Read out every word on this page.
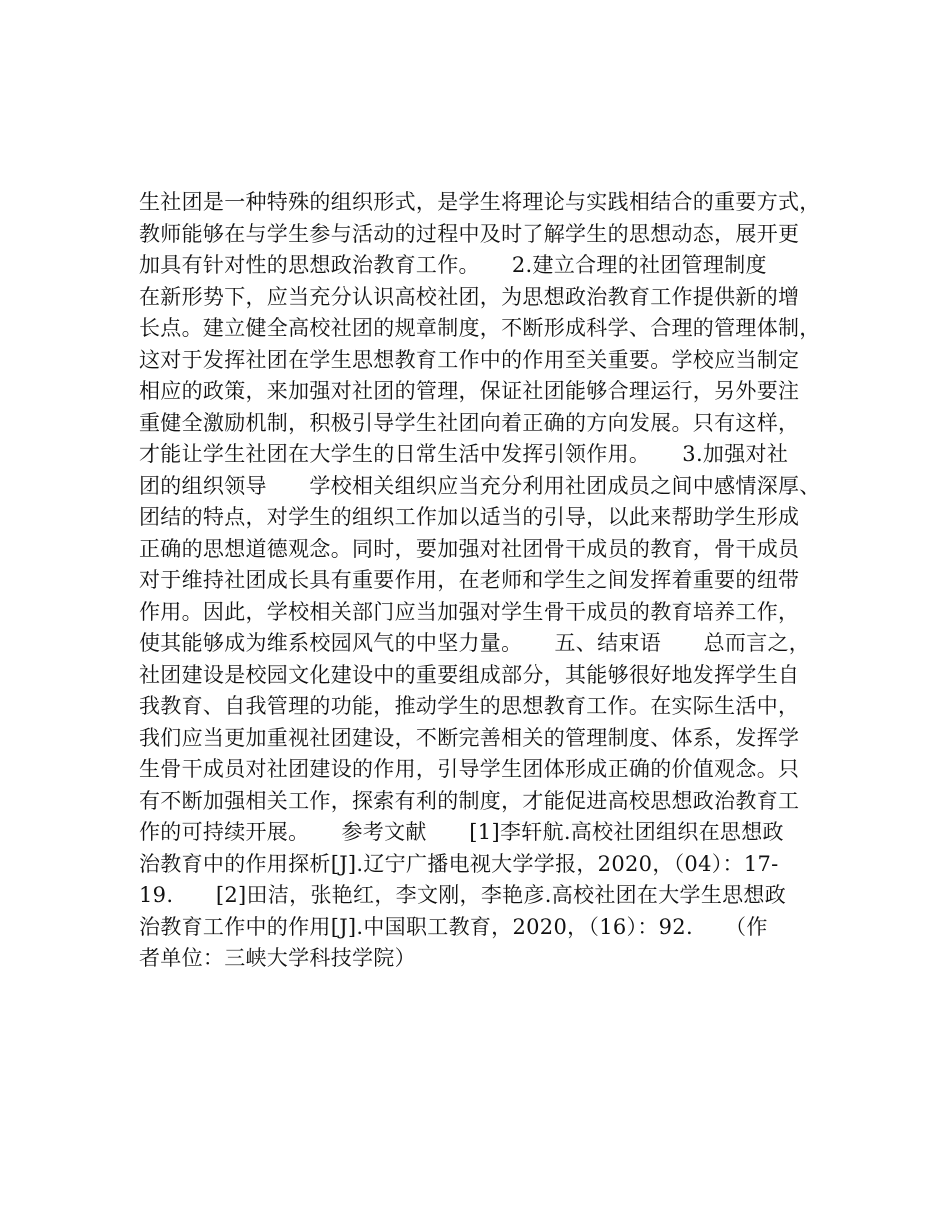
生社团是一种特殊的组织形式，是学生将理论与实践相结合的重要方式，

教师能够在与学生参与活动的过程中及时了解学生的思想动态，展开更

加具有针对性的思想政治教育工作。　　2.建立合理的社团管理制度　　

在新形势下，应当充分认识高校社团，为思想政治教育工作提供新的增

长点。建立健全高校社团的规章制度，不断形成科学、合理的管理体制，

这对于发挥社团在学生思想教育工作中的作用至关重要。学校应当制定

相应的政策，来加强对社团的管理，保证社团能够合理运行，另外要注

重健全激励机制，积极引导学生社团向着正确的方向发展。只有这样，

才能让学生社团在大学生的日常生活中发挥引领作用。　　3.加强对社

团的组织领导　　学校相关组织应当充分利用社团成员之间中感情深厚、

团结的特点，对学生的组织工作加以适当的引导，以此来帮助学生形成

正确的思想道德观念。同时，要加强对社团骨干成员的教育，骨干成员

对于维持社团成长具有重要作用，在老师和学生之间发挥着重要的纽带

作用。因此，学校相关部门应当加强对学生骨干成员的教育培养工作，

使其能够成为维系校园风气的中坚力量。　　五、结束语　　总而言之，

社团建设是校园文化建设中的重要组成部分，其能够很好地发挥学生自

我教育、自我管理的功能，推动学生的思想教育工作。在实际生活中，

我们应当更加重视社团建设，不断完善相关的管理制度、体系，发挥学

生骨干成员对社团建设的作用，引导学生团体形成正确的价值观念。只

有不断加强相关工作，探索有利的制度，才能促进高校思想政治教育工

作的可持续开展。　　参考文献　　[1]李轩航.高校社团组织在思想政

治教育中的作用探析[J].辽宁广播电视大学学报，2020，（04）：17-

19.　　[2]田洁，张艳红，李文刚，李艳彦.高校社团在大学生思想政

治教育工作中的作用[J].中国职工教育，2020，（16）：92.　　（作

者单位：三峡大学科技学院）
